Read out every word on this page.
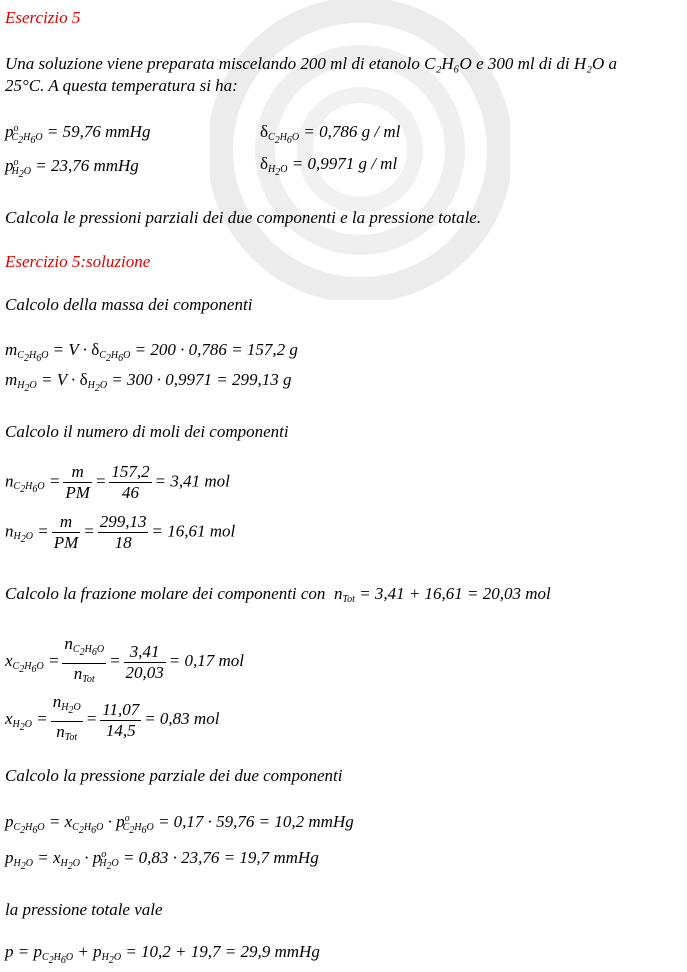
Esercizio 5
Una soluzione viene preparata miscelando 200 ml di etanolo C₂H₆O e 300 ml di di H₂O a
25°C. A questa temperatura si ha:
$p^o_{C_2H_6O} = 59,76$ mmHg	$\delta_{C_2H_6O} = 0,786$ g / ml
$p^o_{H_2O} = 23,76$ mmHg	$\delta_{H_2O} = 0,9971$ g / ml
Calcola le pressioni parziali dei due componenti e la pressione totale.
Esercizio 5:soluzione
Calcolo della massa dei componenti
$m_{C_2H_6O} = V \cdot \delta_{C_2H_6O} = 200 \cdot 0,786 = 157,2$ g
$m_{H_2O} = V \cdot \delta_{H_2O} = 300 \cdot 0,9971 = 299,13$ g
Calcolo il numero di moli dei componenti
$n_{C_2H_6O} = \frac{m}{PM} = \frac{157,2}{46} = 3,41$ mol
$n_{H_2O} = \frac{m}{PM} = \frac{299,13}{18} = 16,61$ mol
Calcolo la frazione molare dei componenti con  $n_{Tot} = 3,41 + 16,61 = 20,03$ mol
$x_{C_2H_6O} = \frac{n_{C_2H_6O}}{n_{Tot}} = \frac{3,41}{20,03} = 0,17$ mol
$x_{H_2O} = \frac{n_{H_2O}}{n_{Tot}} = \frac{11,07}{14,5} = 0,83$ mol
Calcolo la pressione parziale dei due componenti
$p_{C_2H_6O} = x_{C_2H_6O} \cdot p^o_{C_2H_6O} = 0,17 \cdot 59,76 = 10,2$ mmHg
$p_{H_2O} = x_{H_2O} \cdot p^o_{H_2O} = 0,83 \cdot 23,76 = 19,7$ mmHg
la pressione totale vale
$p = p_{C_2H_6O} + p_{H_2O} = 10,2 + 19,7 = 29,9$ mmHg
